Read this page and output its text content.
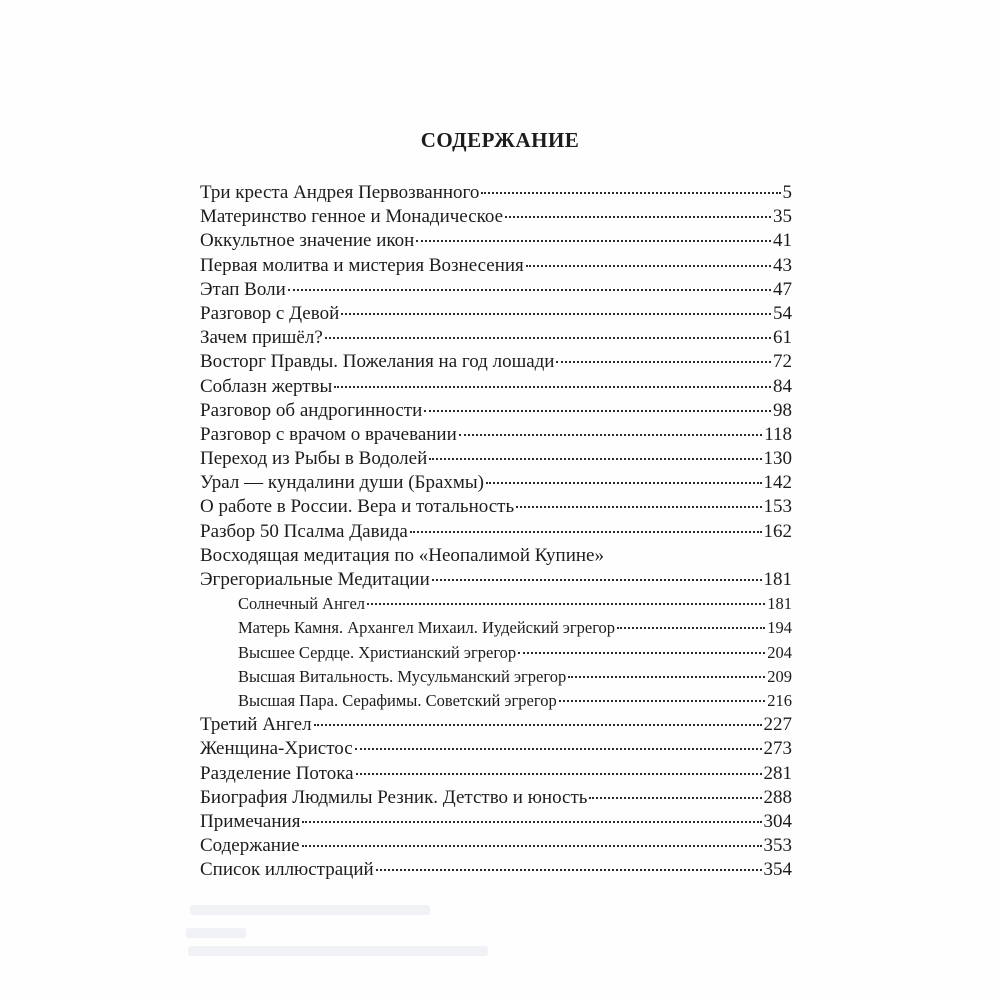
СОДЕРЖАНИЕ
Три креста Андрея Первозванного	5
Материнство генное и Монадическое	35
Оккультное значение икон	41
Первая молитва и мистерия Вознесения	43
Этап Воли	47
Разговор с Девой	54
Зачем пришёл?	61
Восторг Правды. Пожелания на год лошади	72
Соблазн жертвы	84
Разговор об андрогинности	98
Разговор с врачом о врачевании	118
Переход из Рыбы в Водолей	130
Урал — кундалини души (Брахмы)	142
О работе в России. Вера и тотальность	153
Разбор 50 Псалма Давида	162
Восходящая медитация по «Неопалимой Купине»
Эгрегориальные Медитации	181
Солнечный Ангел	181
Матерь Камня. Архангел Михаил. Иудейский эгрегор	194
Высшее Сердце. Христианский эгрегор	204
Высшая Витальность. Мусульманский эгрегор	209
Высшая Пара. Серафимы. Советский эгрегор	216
Третий Ангел	227
Женщина-Христос	273
Разделение Потока	281
Биография Людмилы Резник. Детство и юность	288
Примечания	304
Содержание	353
Список иллюстраций	354
